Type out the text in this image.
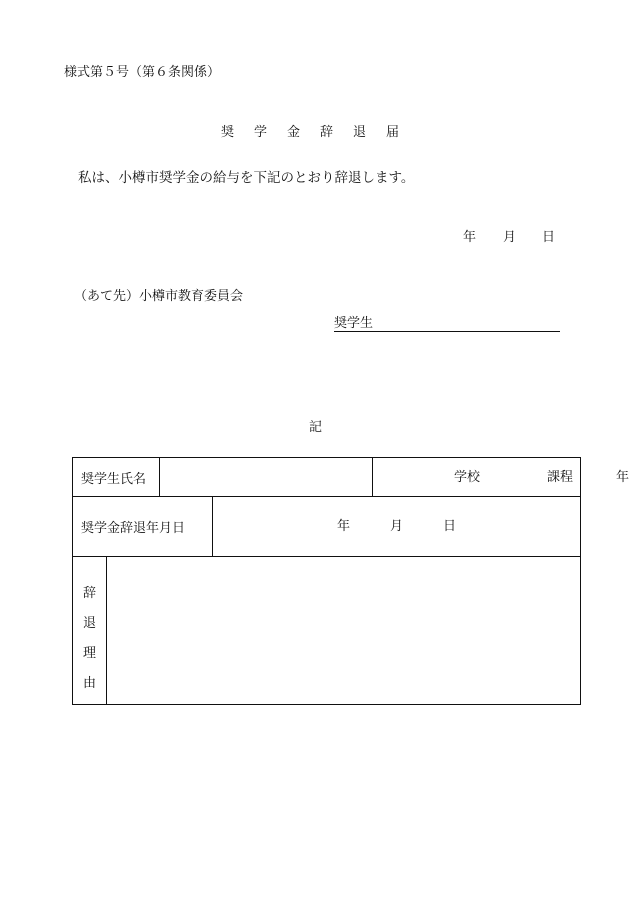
様式第５号（第６条関係）
奨学金辞退届
私は、小樽市奨学金の給与を下記のとおり辞退します。
年 月 日
（あて先）小樽市教育委員会
奨学生
記
奨学生氏名				学校 課程 年

奨学金辞退年月日			年 月 日	

辞
退
理
由				
